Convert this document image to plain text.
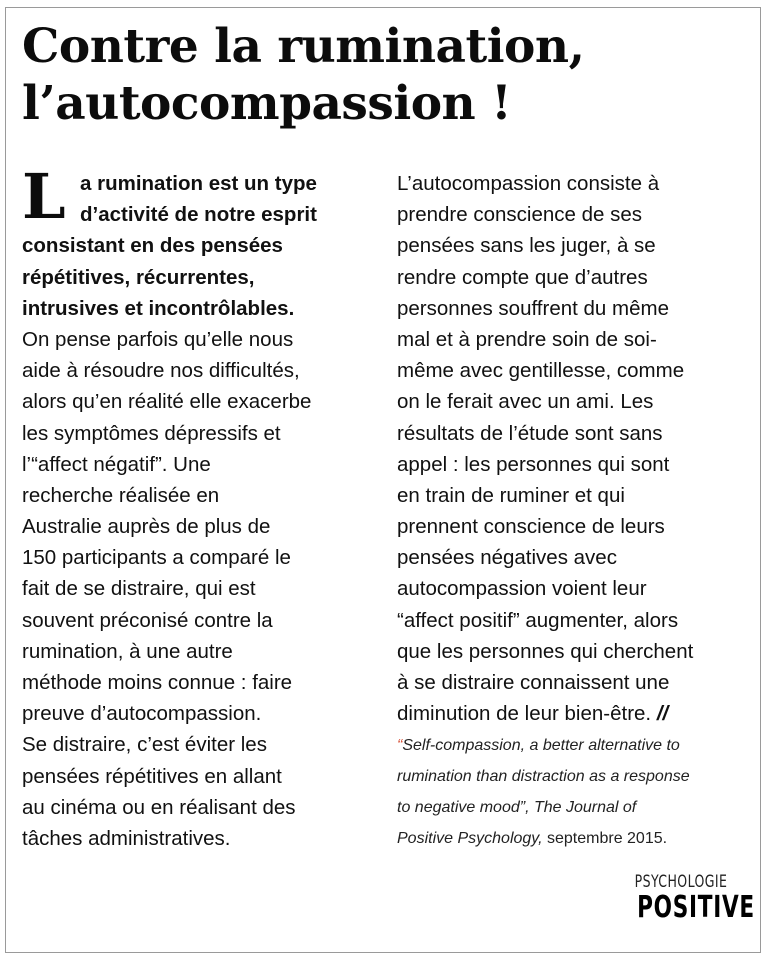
Contre la rumination,
l’autocompassion !
L a rumination est un type
d’activité de notre esprit
consistant en des pensées
répétitives, récurrentes,
intrusives et incontrôlables.
On pense parfois qu’elle nous
aide à résoudre nos difficultés,
alors qu’en réalité elle exacerbe
les symptômes dépressifs et
l’“affect négatif”. Une
recherche réalisée en
Australie auprès de plus de
150 participants a comparé le
fait de se distraire, qui est
souvent préconisé contre la
rumination, à une autre
méthode moins connue : faire
preuve d’autocompassion.
Se distraire, c’est éviter les
pensées répétitives en allant
au cinéma ou en réalisant des
tâches administratives.
L’autocompassion consiste à
prendre conscience de ses
pensées sans les juger, à se
rendre compte que d’autres
personnes souffrent du même
mal et à prendre soin de soi-
même avec gentillesse, comme
on le ferait avec un ami. Les
résultats de l’étude sont sans
appel : les personnes qui sont
en train de ruminer et qui
prennent conscience de leurs
pensées négatives avec
autocompassion voient leur
“affect positif” augmenter, alors
que les personnes qui cherchent
à se distraire connaissent une
diminution de leur bien-être. //
“Self-compassion, a better alternative to
rumination than distraction as a response
to negative mood”, The Journal of
Positive Psychology, septembre 2015.
PSYCHOLOGIE
POSITIVE
